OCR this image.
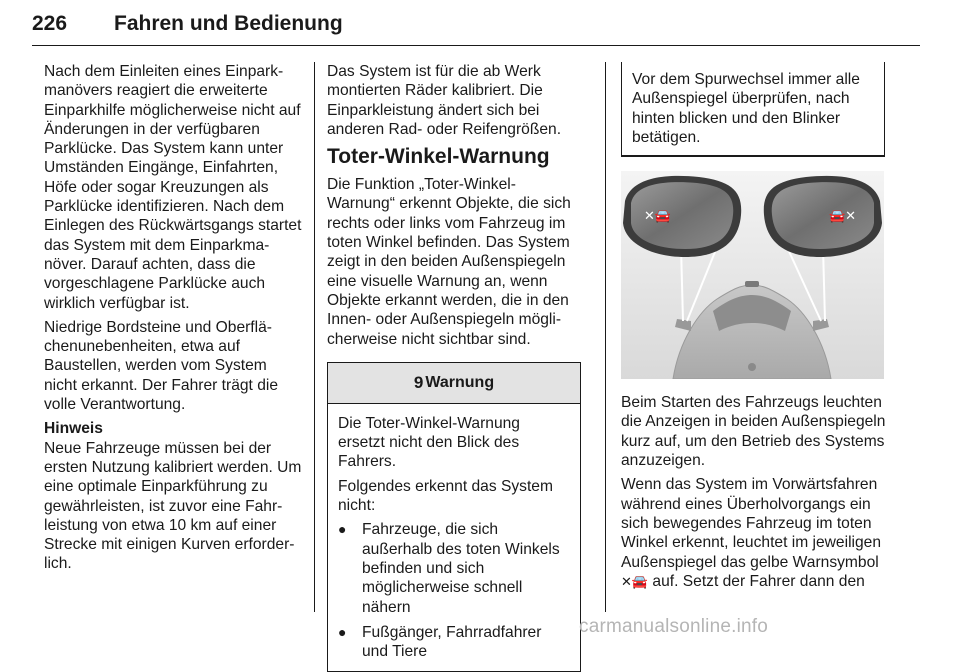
226 Fahren und Bedienung

Nach dem Einleiten eines Einparkmanövers reagiert die erweiterte Einparkhilfe möglicherweise nicht auf Änderungen in der verfügbaren Parklücke. Das System kann unter Umständen Eingänge, Einfahrten, Höfe oder sogar Kreuzungen als Parklücke identifizieren. Nach dem Einlegen des Rückwärtsgangs startet das System mit dem Einparkmanöver. Darauf achten, dass die vorgeschlagene Parklücke auch wirklich verfügbar ist.

Niedrige Bordsteine und Oberflächenunebenheiten, etwa auf Baustellen, werden vom System nicht erkannt. Der Fahrer trägt die volle Verantwortung.

Hinweis

Neue Fahrzeuge müssen bei der ersten Nutzung kalibriert werden. Um eine optimale Einparkführung zu gewährleisten, ist zuvor eine Fahrleistung von etwa 10 km auf einer Strecke mit einigen Kurven erforderlich.

Das System ist für die ab Werk montierten Räder kalibriert. Die Einparkleistung ändert sich bei anderen Rad- oder Reifengrößen.

Toter-Winkel-Warnung

Die Funktion „Toter-Winkel-Warnung“ erkennt Objekte, die sich rechts oder links vom Fahrzeug im toten Winkel befinden. Das System zeigt in den beiden Außenspiegeln eine visuelle Warnung an, wenn Objekte erkannt werden, die in den Innen- oder Außenspiegeln möglicherweise nicht sichtbar sind.

9 Warnung

Die Toter-Winkel-Warnung ersetzt nicht den Blick des Fahrers.

Folgendes erkennt das System nicht:

● Fahrzeuge, die sich außerhalb des toten Winkels befinden und sich möglicherweise schnell nähern
● Fußgänger, Fahrradfahrer und Tiere

Vor dem Spurwechsel immer alle Außenspiegel überprüfen, nach hinten blicken und den Blinker betätigen.

✕🚘	🚘✕

Beim Starten des Fahrzeugs leuchten die Anzeigen in beiden Außenspiegeln kurz auf, um den Betrieb des Systems anzuzeigen.

Wenn das System im Vorwärtsfahren während eines Überholvorgangs ein sich bewegendes Fahrzeug im toten Winkel erkennt, leuchtet im jeweiligen Außenspiegel das gelbe Warnsymbol
✕🚘 auf. Setzt der Fahrer dann den

carmanualsonline.info
